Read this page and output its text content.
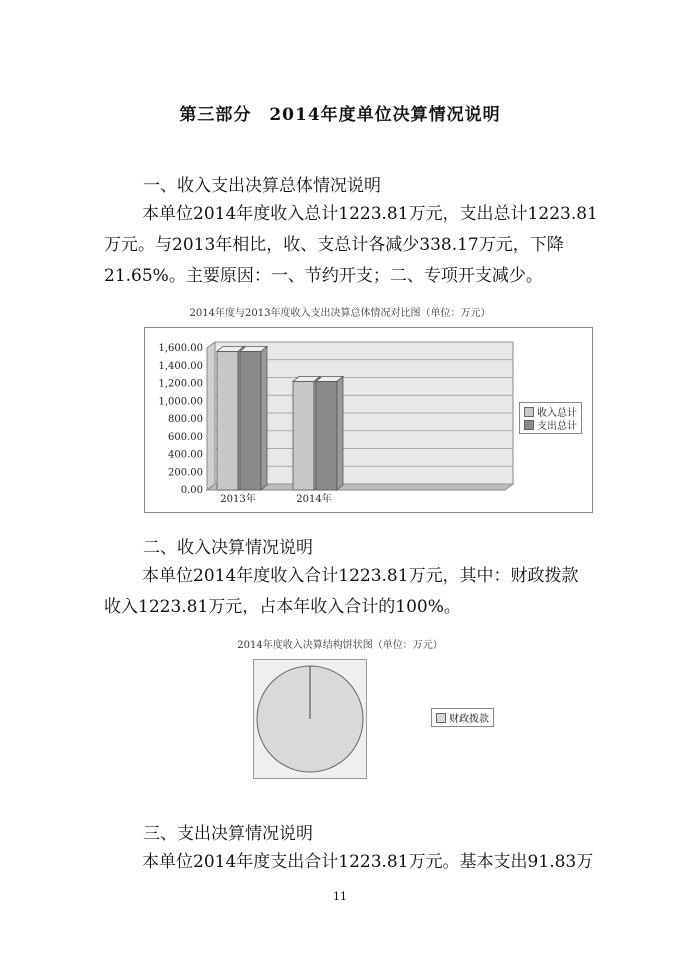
第三部分　2014年度单位决算情况说明
一、收入支出决算总体情况说明
本单位2014年度收入总计1223.81万元，支出总计1223.81
万元。与2013年相比，收、支总计各减少338.17万元，下降
21.65%。主要原因：一、节约开支；二、专项开支减少。
2014年度与2013年度收入支出决算总体情况对比图（单位：万元）
1,600.00
1,400.00
1,200.00
1,000.00
800.00
600.00
400.00
200.00
0.00
2013年	2014年
收入总计
支出总计
二、收入决算情况说明
本单位2014年度收入合计1223.81万元，其中：财政拨款
收入1223.81万元，占本年收入合计的100%。
2014年度收入决算结构饼状图（单位：万元）
财政拨款
三、支出决算情况说明
本单位2014年度支出合计1223.81万元。基本支出91.83万
11
